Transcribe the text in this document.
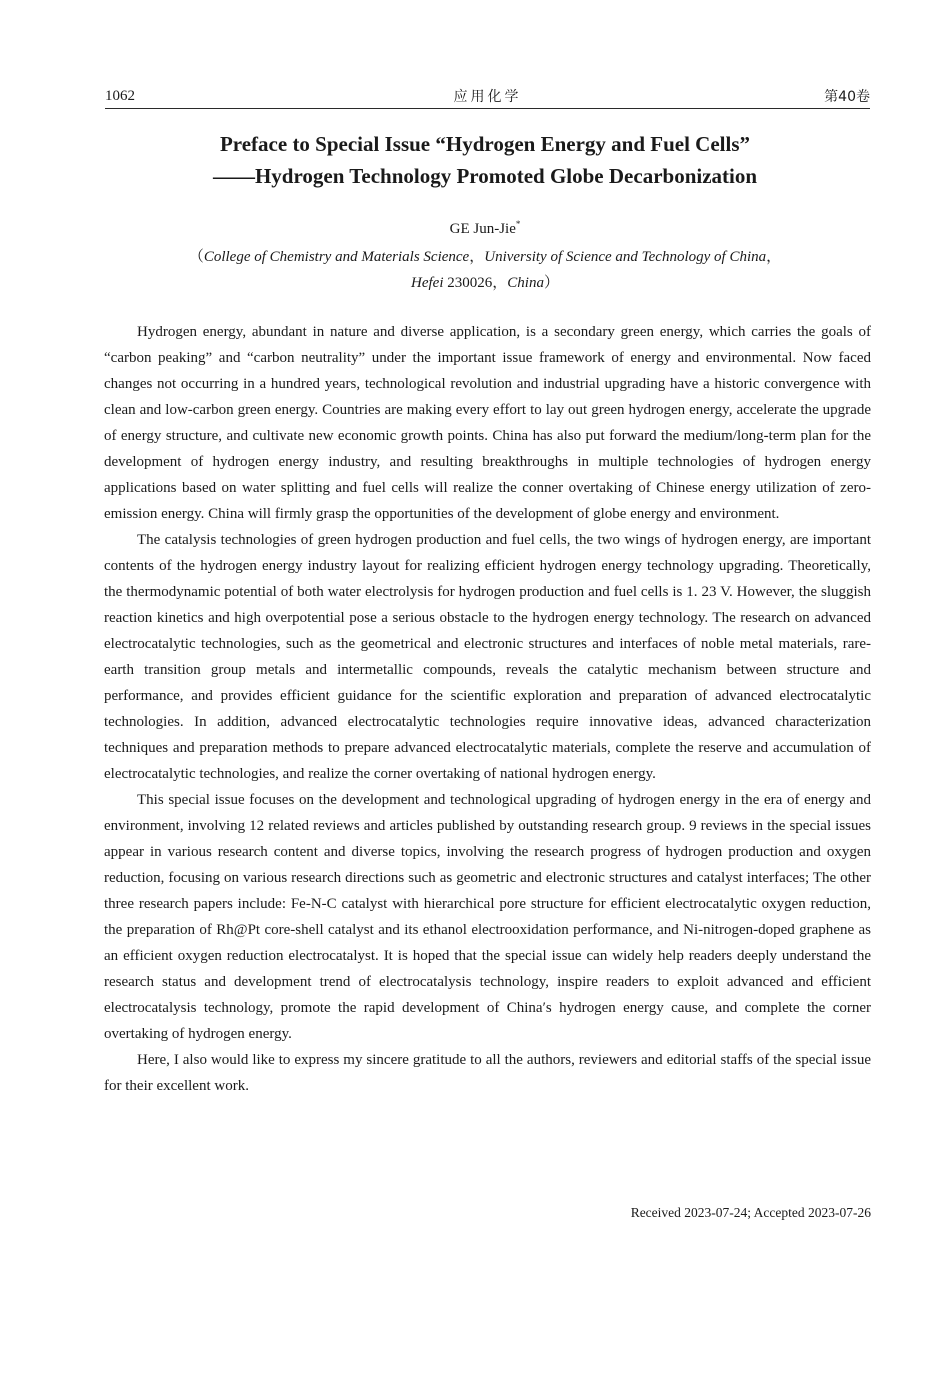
1062	应用化学	第40卷
Preface to Special Issue “Hydrogen Energy and Fuel Cells”
——Hydrogen Technology Promoted Globe Decarbonization
GE Jun-Jie*
（College of Chemistry and Materials Science，University of Science and Technology of China，
Hefei 230026，China）

Hydrogen energy, abundant in nature and diverse application, is a secondary green energy, which carries the goals of “carbon peaking” and “carbon neutrality” under the important issue framework of energy and environmental. Now faced changes not occurring in a hundred years, technological revolution and industrial upgrading have a historic convergence with clean and low-carbon green energy. Countries are making every effort to lay out green hydrogen energy, accelerate the upgrade of energy structure, and cultivate new economic growth points. China has also put forward the medium/long-term plan for the development of hydrogen energy industry, and resulting breakthroughs in multiple technologies of hydrogen energy applications based on water splitting and fuel cells will realize the conner overtaking of Chinese energy utilization of zero-emission energy. China will firmly grasp the opportunities of the development of globe energy and environment.

The catalysis technologies of green hydrogen production and fuel cells, the two wings of hydrogen energy, are important contents of the hydrogen energy industry layout for realizing efficient hydrogen energy technology upgrading. Theoretically, the thermodynamic potential of both water electrolysis for hydrogen production and fuel cells is 1. 23 V. However, the sluggish reaction kinetics and high overpotential pose a serious obstacle to the hydrogen energy technology. The research on advanced electrocatalytic technologies, such as the geometrical and electronic structures and interfaces of noble metal materials, rare-earth transition group metals and intermetallic compounds, reveals the catalytic mechanism between structure and performance, and provides efficient guidance for the scientific exploration and preparation of advanced electrocatalytic technologies. In addition, advanced electrocatalytic technologies require innovative ideas, advanced characterization techniques and preparation methods to prepare advanced electrocatalytic materials, complete the reserve and accumulation of electrocatalytic technologies, and realize the corner overtaking of national hydrogen energy.

This special issue focuses on the development and technological upgrading of hydrogen energy in the era of energy and environment, involving 12 related reviews and articles published by outstanding research group. 9 reviews in the special issues appear in various research content and diverse topics, involving the research progress of hydrogen production and oxygen reduction, focusing on various research directions such as geometric and electronic structures and catalyst interfaces; The other three research papers include: Fe-N-C catalyst with hierarchical pore structure for efficient electrocatalytic oxygen reduction, the preparation of Rh@Pt core-shell catalyst and its ethanol electrooxidation performance, and Ni-nitrogen-doped graphene as an efficient oxygen reduction electrocatalyst. It is hoped that the special issue can widely help readers deeply understand the research status and development trend of electrocatalysis technology, inspire readers to exploit advanced and efficient electrocatalysis technology, promote the rapid development of China′s hydrogen energy cause, and complete the corner overtaking of hydrogen energy.

Here, I also would like to express my sincere gratitude to all the authors, reviewers and editorial staffs of the special issue for their excellent work.

Received 2023-07-24; Accepted 2023-07-26
